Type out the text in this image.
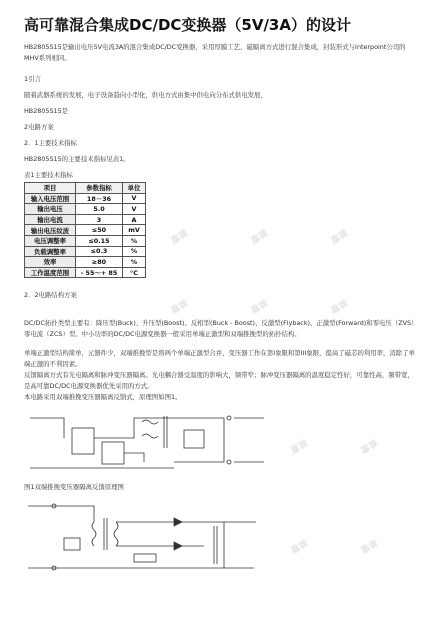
高可靠混合集成DC/DC变换器（5V/3A）的设计
HB2805S15是输出电压5V电流3A的混合集成DC/DC变换器，采用厚膜工艺、磁隔离方式进行混合集成，封装形式与Interpoint公司的MHV系列相同。
1引言
随着武器系统的发展，电子设备趋向小型化，供电方式由集中供电向分布式供电发展，
HB2805S15是
2电路方案
2．1主要技术指标
HB2805S15的主要技术指标见表1。
表1主要技术指标
项目	参数指标	单位
输入电压范围	18－36	V
输出电压	5.0	V
输出电流	3	A
输出电压纹波	≤50	mV
电压调整率	≤0.15	%
负载调整率	≤0.3	%
效率	≥80	%
工作温度范围	- 55～+ 85	°C
2．2电路结构方案
DC/DC拓扑类型主要有：降压型(Buck)、升压型(Boost)、反相型(Buck - Boost)、反激型(Flyback)、正激型(Forward)和零电压（ZVS）零电流（ZCS）型。中小功率的DC/DC电源变换器一般采用单端正激型和双端推挽型的拓扑结构。
单端正激型结构简单，元器件少，双端推挽型是将两个单端正激型合并，变压器工作在第I象限和第III象限，提高了磁芯的利用率，消除了单端正激的不利因素。
反馈隔离方式有光电隔离和脉冲变压器隔离。光电耦合器受温度的影响大，频带窄；脉冲变压器隔离的温度稳定性好，可靠性高，频带宽，是高可靠DC/DC电源变换器优先采用的方式。
本电路采用双端推挽变压器隔离反馈式，原理图如图1。
图1双端推挽变压器隔离反馈原理图
嘉课	嘉课	嘉课
嘉课	嘉课	嘉课
嘉课	嘉课
嘉课	嘉课
